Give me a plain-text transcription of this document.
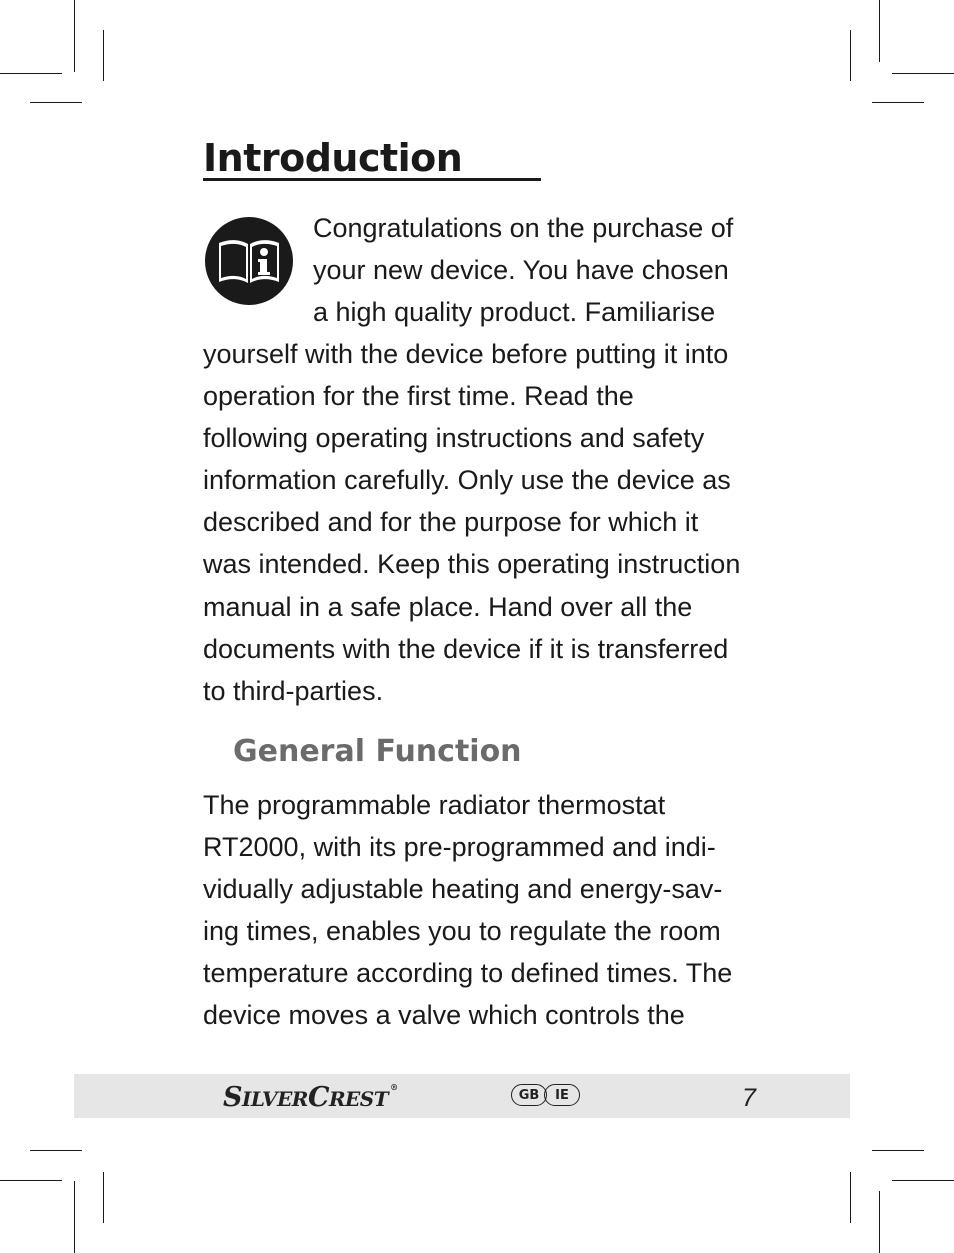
Introduction
Congratulations on the purchase of
your new device. You have chosen
a high quality product. Familiarise
yourself with the device before putting it into
operation for the first time. Read the
following operating instructions and safety
information carefully. Only use the device as
described and for the purpose for which it
was intended. Keep this operating instruction
manual in a safe place. Hand over all the
documents with the device if it is transferred
to third-parties.
General Function
The programmable radiator thermostat
RT2000, with its pre-programmed and indi-
vidually adjustable heating and energy-sav-
ing times, enables you to regulate the room
temperature according to defined times. The
device moves a valve which controls the
SILVERCREST ®
GB	IE	7
